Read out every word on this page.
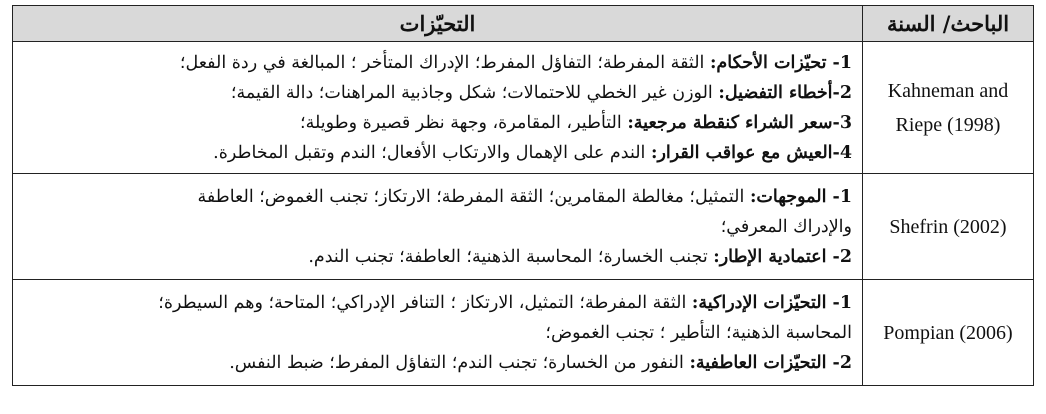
الباحث/ السنة	التحيّزات

Kahneman and
Riepe (1998)	1- تحيّزات الأحكام: الثقة المفرطة؛ التفاؤل المفرط؛ الإدراك المتأخر ؛ المبالغة في ردة الفعل؛
2-أخطاء التفضيل: الوزن غير الخطي للاحتمالات؛ شكل وجاذبية المراهنات؛ دالة القيمة؛
3-سعر الشراء كنقطة مرجعية: التأطير، المقامرة، وجهة نظر قصيرة وطويلة؛
4-العيش مع عواقب القرار: الندم على الإهمال والارتكاب الأفعال؛ الندم وتقبل المخاطرة.

Shefrin (2002)	1- الموجهات: التمثيل؛ مغالطة المقامرين؛ الثقة المفرطة؛ الارتكاز؛ تجنب الغموض؛ العاطفة
والإدراك المعرفي؛
2- اعتمادية الإطار: تجنب الخسارة؛ المحاسبة الذهنية؛ العاطفة؛ تجنب الندم.

Pompian (2006)	1- التحيّزات الإدراكية: الثقة المفرطة؛ التمثيل، الارتكاز ؛ التنافر الإدراكي؛ المتاحة؛ وهم السيطرة؛
المحاسبة الذهنية؛ التأطير ؛ تجنب الغموض؛
2- التحيّزات العاطفية: النفور من الخسارة؛ تجنب الندم؛ التفاؤل المفرط؛ ضبط النفس.
